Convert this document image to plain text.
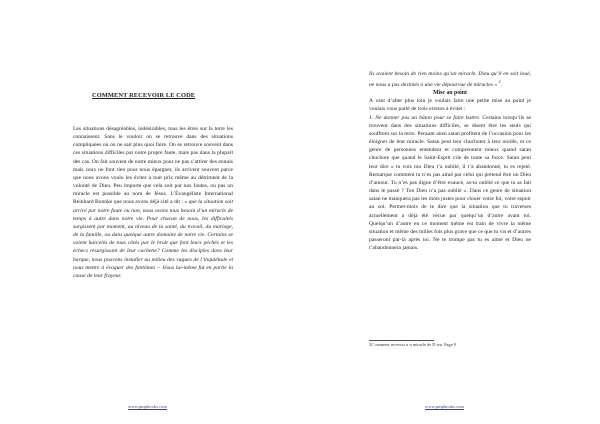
COMMENT RECEVOIR LE CODE

Les situations désagréables, indésirables, tous les êtres sur la terre les connaissent. Sans le vouloir on se retrouve dans des situations compliquées où on ne sait plus quoi faire. On se retrouve souvent dans ces situations difficiles par notre propre faute, mais pas dans la plupart des cas. On fait souvent de notre mieux pour ne pas s’attirer des ennuis mais ceux ne font rien pour nous épargner, ils arrivent souvent parce que nous avons voulu les éviter à tout prix même au détriment de la volonté de Dieu. Peu importe que cela soit par nos fautes, ou pas un miracle est possible au nom de Jésus. L’Évangéliste International Reinhard Bonnke que nous avons déjà cité a dit : « que la situation soit arrivé par notre faute ou non, nous avons tous besoin d’un miracle de temps à autre dans notre vie. Pour chacun de nous, les difficultés surgissent par moment, au niveau de la santé, du travail, du mariage, de la famille, ou dans quelque autre domaine de notre vie. Certains se voient harcelés de tous côtés par le bruit que font leurs péchés et les échecs resurgissant de leur cachette? Comme les disciples dans leur barque, nous pouvons installer au milieu des vagues de l’inquiétude et nous mettre à évoquer des fantômes – Jésus lui-même fut en partie la cause de leur frayeur.

Ils avaient besoin de rien moins qu’un miracle. Dieu qu’il en soit loué, ne nous a pas destinés à une vie dépourvue de miracles » $^2$.

Mise au point

A vant d’aller plus loin je voulais faire une petite mise au point je voulais vous parlé de trois erreurs à éviter :

1. Ne donner pas un bâton pour se faire battre. Certains lorsqu’ils se trouvent dans des situations difficiles, se disent être les seuls qui souffrent sur la terre. Pensant ainsi satan profitent de l’occasion pour les éloigner de leur miracle. Satan peut leur chuchoter à leur oreille, et ce genre de personnes entendent et comprennent mieux quand satan chuchote que quand le Saint-Esprit crie de toute sa force. Satan peut leur dire « tu vois ton Dieu t’a oublié, il t’a abandonné, tu es rejeté. Remarque comment tu n’es pas aimé par celui qui prétend être un Dieu d’amour. Tu n’es pas digne d’être exaucé, as-tu oublié ce que tu as fait dans le passé ? Ton Dieu n’a pas oublié ». Dans ce genre de situation satan ne manquera pas les mots justes pour clouer votre foi, votre espoir au sol. Permet-mois de te dire que la situation que tu traverses actuellement a déjà été vécue par quelqu’un d’autre avant toi. Quelqu’un d’autre en ce moment même est train de vivre la même situation et même des milles fois plus grave que ce que tu vis et d’autres passeront par-là après toi. Ne te trompe pas tu es aimé et Dieu ne t’abandonnera jamais.

2C omment recevoir u n miracle de D ieu. Page 9
www.pmpbooks.com	www.pmpbooks.com
